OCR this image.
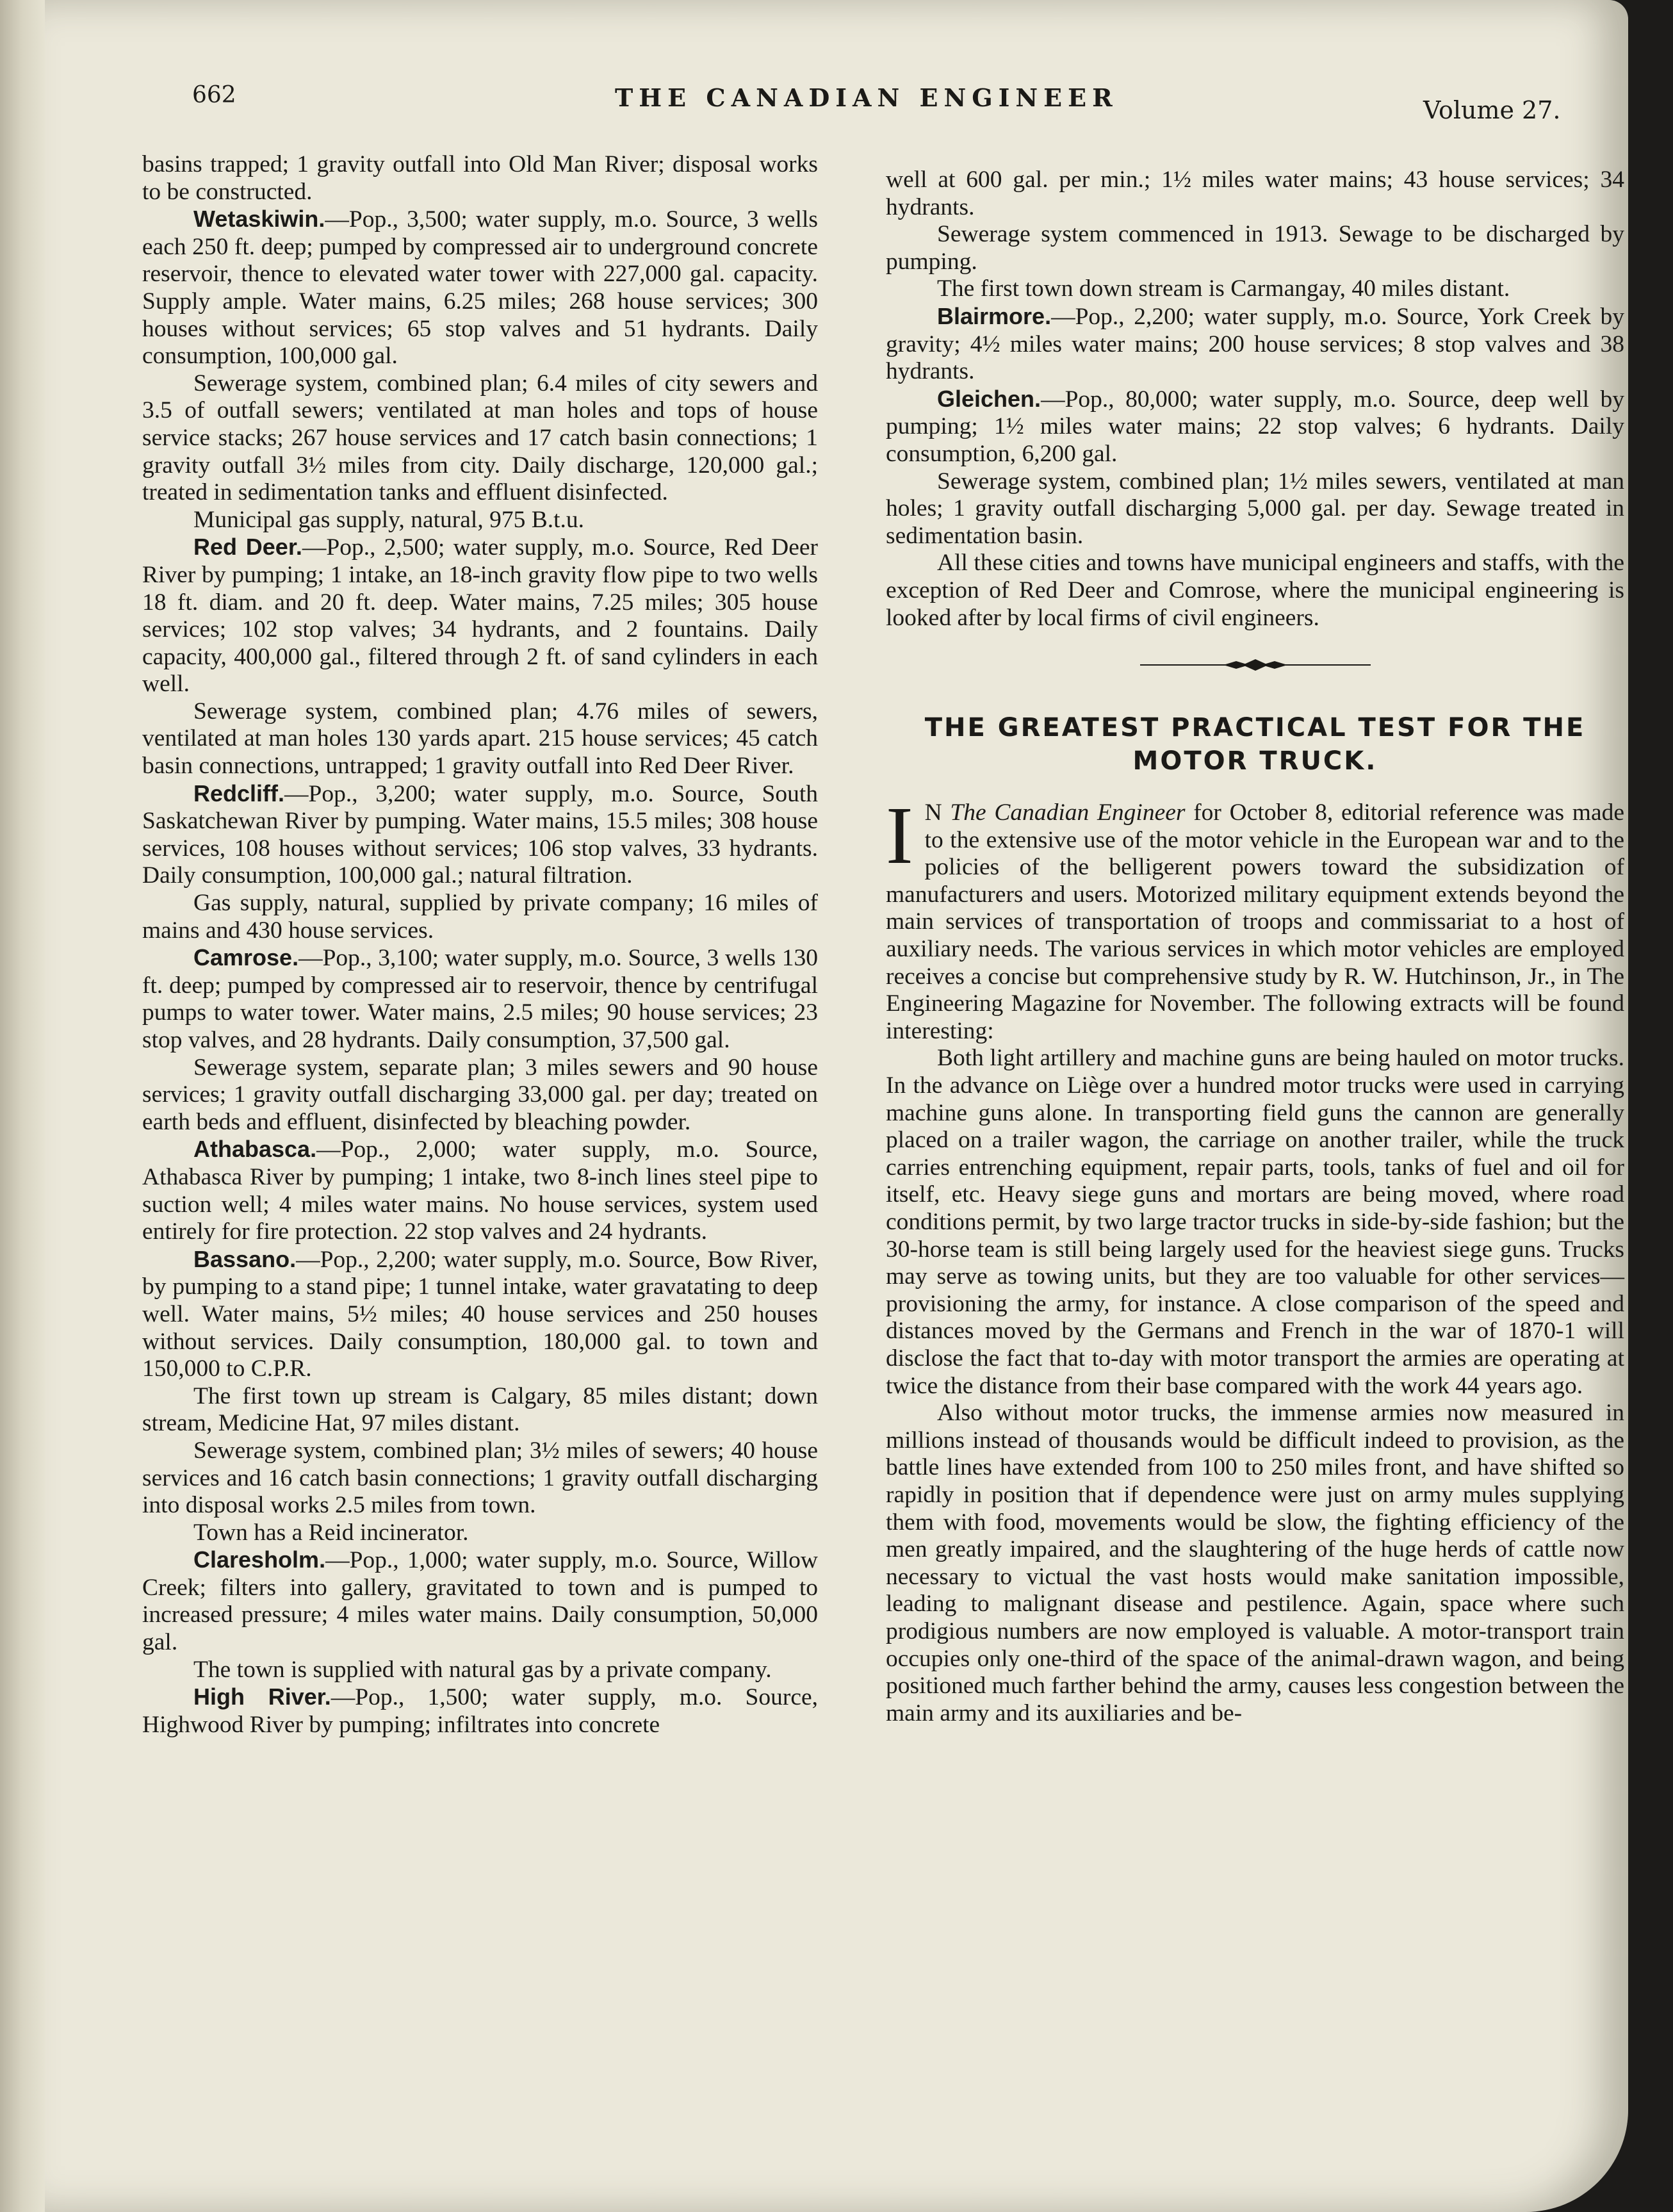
662	THE CANADIAN ENGINEER	Volume 27.

basins trapped; 1 gravity outfall into Old Man River; disposal works to be constructed.

Wetaskiwin.—Pop., 3,500; water supply, m.o. Source, 3 wells each 250 ft. deep; pumped by compressed air to underground concrete reservoir, thence to elevated water tower with 227,000 gal. capacity. Supply ample. Water mains, 6.25 miles; 268 house services; 300 houses without services; 65 stop valves and 51 hydrants. Daily consumption, 100,000 gal.

Sewerage system, combined plan; 6.4 miles of city sewers and 3.5 of outfall sewers; ventilated at man holes and tops of house service stacks; 267 house services and 17 catch basin connections; 1 gravity outfall 3½ miles from city. Daily discharge, 120,000 gal.; treated in sedimentation tanks and effluent disinfected.

Municipal gas supply, natural, 975 B.t.u.

Red Deer.—Pop., 2,500; water supply, m.o. Source, Red Deer River by pumping; 1 intake, an 18-inch gravity flow pipe to two wells 18 ft. diam. and 20 ft. deep. Water mains, 7.25 miles; 305 house services; 102 stop valves; 34 hydrants, and 2 fountains. Daily capacity, 400,000 gal., filtered through 2 ft. of sand cylinders in each well.

Sewerage system, combined plan; 4.76 miles of sewers, ventilated at man holes 130 yards apart. 215 house services; 45 catch basin connections, untrapped; 1 gravity outfall into Red Deer River.

Redcliff.—Pop., 3,200; water supply, m.o. Source, South Saskatchewan River by pumping. Water mains, 15.5 miles; 308 house services, 108 houses without services; 106 stop valves, 33 hydrants. Daily consumption, 100,000 gal.; natural filtration.

Gas supply, natural, supplied by private company; 16 miles of mains and 430 house services.

Camrose.—Pop., 3,100; water supply, m.o. Source, 3 wells 130 ft. deep; pumped by compressed air to reservoir, thence by centrifugal pumps to water tower. Water mains, 2.5 miles; 90 house services; 23 stop valves, and 28 hydrants. Daily consumption, 37,500 gal.

Sewerage system, separate plan; 3 miles sewers and 90 house services; 1 gravity outfall discharging 33,000 gal. per day; treated on earth beds and effluent, disinfected by bleaching powder.

Athabasca.—Pop., 2,000; water supply, m.o. Source, Athabasca River by pumping; 1 intake, two 8-inch lines steel pipe to suction well; 4 miles water mains. No house services, system used entirely for fire protection. 22 stop valves and 24 hydrants.

Bassano.—Pop., 2,200; water supply, m.o. Source, Bow River, by pumping to a stand pipe; 1 tunnel intake, water gravatating to deep well. Water mains, 5½ miles; 40 house services and 250 houses without services. Daily consumption, 180,000 gal. to town and 150,000 to C.P.R.

The first town up stream is Calgary, 85 miles distant; down stream, Medicine Hat, 97 miles distant.

Sewerage system, combined plan; 3½ miles of sewers; 40 house services and 16 catch basin connections; 1 gravity outfall discharging into disposal works 2.5 miles from town.

Town has a Reid incinerator.

Claresholm.—Pop., 1,000; water supply, m.o. Source, Willow Creek; filters into gallery, gravitated to town and is pumped to increased pressure; 4 miles water mains. Daily consumption, 50,000 gal.

The town is supplied with natural gas by a private company.

High River.—Pop., 1,500; water supply, m.o. Source, Highwood River by pumping; infiltrates into concrete

well at 600 gal. per min.; 1½ miles water mains; 43 house services; 34 hydrants.

Sewerage system commenced in 1913. Sewage to be discharged by pumping.

The first town down stream is Carmangay, 40 miles distant.

Blairmore.—Pop., 2,200; water supply, m.o. Source, York Creek by gravity; 4½ miles water mains; 200 house services; 8 stop valves and 38 hydrants.

Gleichen.—Pop., 80,000; water supply, m.o. Source, deep well by pumping; 1½ miles water mains; 22 stop valves; 6 hydrants. Daily consumption, 6,200 gal.

Sewerage system, combined plan; 1½ miles sewers, ventilated at man holes; 1 gravity outfall discharging 5,000 gal. per day. Sewage treated in sedimentation basin.

All these cities and towns have municipal engineers and staffs, with the exception of Red Deer and Comrose, where the municipal engineering is looked after by local firms of civil engineers.

THE GREATEST PRACTICAL TEST FOR THE
MOTOR TRUCK.

I N The Canadian Engineer for October 8, editorial reference was made to the extensive use of the motor vehicle in the European war and to the policies of the belligerent powers toward the subsidization of manufacturers and users. Motorized military equipment extends beyond the main services of transportation of troops and commissariat to a host of auxiliary needs. The various services in which motor vehicles are employed receives a concise but comprehensive study by R. W. Hutchinson, Jr., in The Engineering Magazine for November. The following extracts will be found interesting:

Both light artillery and machine guns are being hauled on motor trucks. In the advance on Liège over a hundred motor trucks were used in carrying machine guns alone. In transporting field guns the cannon are generally placed on a trailer wagon, the carriage on another trailer, while the truck carries entrenching equipment, repair parts, tools, tanks of fuel and oil for itself, etc. Heavy siege guns and mortars are being moved, where road conditions permit, by two large tractor trucks in side-by-side fashion; but the 30-horse team is still being largely used for the heaviest siege guns. Trucks may serve as towing units, but they are too valuable for other services—provisioning the army, for instance. A close comparison of the speed and distances moved by the Germans and French in the war of 1870-1 will disclose the fact that to-day with motor transport the armies are operating at twice the distance from their base compared with the work 44 years ago.

Also without motor trucks, the immense armies now measured in millions instead of thousands would be difficult indeed to provision, as the battle lines have extended from 100 to 250 miles front, and have shifted so rapidly in position that if dependence were just on army mules supplying them with food, movements would be slow, the fighting efficiency of the men greatly impaired, and the slaughtering of the huge herds of cattle now necessary to victual the vast hosts would make sanitation impossible, leading to malignant disease and pestilence. Again, space where such prodigious numbers are now employed is valuable. A motor-transport train occupies only one-third of the space of the animal-drawn wagon, and being positioned much farther behind the army, causes less congestion between the main army and its auxiliaries and be-
